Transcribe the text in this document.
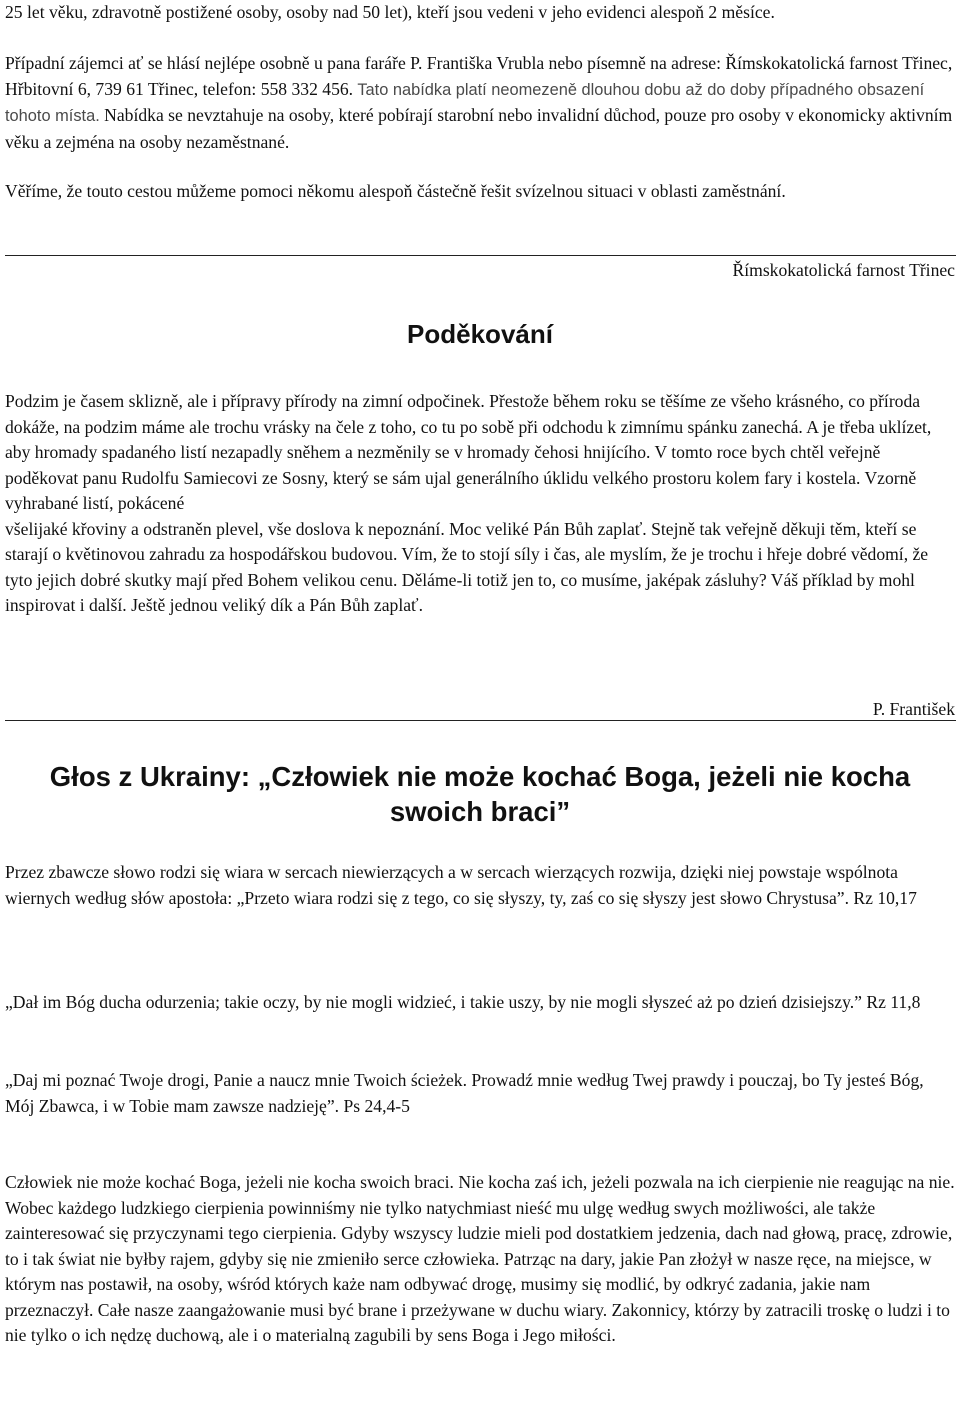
25 let věku, zdravotně postižené osoby, osoby nad 50 let), kteří jsou vedeni v jeho evidenci alespoň 2 měsíce.

Případní zájemci ať se hlásí nejlépe osobně u pana faráře P. Františka Vrubla nebo písemně na adrese: Římskokatolická farnost Třinec, Hřbitovní 6, 739 61 Třinec, telefon: 558 332 456. Tato nabídka platí neomezeně dlouhou dobu až do doby případného obsazení tohoto místa. Nabídka se nevztahuje na osoby, které pobírají starobní nebo invalidní důchod, pouze pro osoby v ekonomicky aktivním věku a zejména na osoby nezaměstnané.

Věříme, že touto cestou můžeme pomoci někomu alespoň částečně řešit svízelnou situaci v oblasti zaměstnání.

Římskokatolická farnost Třinec

Poděkování

Podzim je časem sklizně, ale i přípravy přírody na zimní odpočinek. Přestože během roku se těšíme ze všeho krásného, co příroda dokáže, na podzim máme ale trochu vrásky na čele z toho, co tu po sobě při odchodu k zimnímu spánku zanechá. A je třeba uklízet, aby hromady spadaného listí nezapadly sněhem a nezměnily se v hromady čehosi hnijícího. V tomto roce bych chtěl veřejně poděkovat panu Rudolfu Samiecovi ze Sosny, který se sám ujal generálního úklidu velkého prostoru kolem fary i kostela. Vzorně vyhrabané listí, pokácené
všelijaké křoviny a odstraněn plevel, vše doslova k nepoznání. Moc veliké Pán Bůh zaplať. Stejně tak veřejně děkuji těm, kteří se starají o květinovou zahradu za hospodářskou budovou. Vím, že to stojí síly i čas, ale myslím, že je trochu i hřeje dobré vědomí, že tyto jejich dobré skutky mají před Bohem velikou cenu. Děláme-li totiž jen to, co musíme, jaképak zásluhy? Váš příklad by mohl inspirovat i další. Ještě jednou veliký dík a Pán Bůh zaplať.

P. František

Głos z Ukrainy: „Człowiek nie może kochać Boga, jeżeli nie kocha

swoich braci”

Przez zbawcze słowo rodzi się wiara w sercach niewierzących a w sercach wierzących rozwija, dzięki niej powstaje wspólnota wiernych według słów apostoła: „Przeto wiara rodzi się z tego, co się słyszy, ty, zaś co się słyszy jest słowo Chrystusa”. Rz 10,17

„Dał im Bóg ducha odurzenia; takie oczy, by nie mogli widzieć, i takie uszy, by nie mogli słyszeć aż po dzień dzisiejszy.” Rz 11,8

„Daj mi poznać Twoje drogi, Panie a naucz mnie Twoich ścieżek. Prowadź mnie według Twej prawdy i pouczaj, bo Ty jesteś Bóg, Mój Zbawca, i w Tobie mam zawsze nadzieję”. Ps 24,4-5

Człowiek nie może kochać Boga, jeżeli nie kocha swoich braci. Nie kocha zaś ich, jeżeli pozwala na ich cierpienie nie reagując na nie. Wobec każdego ludzkiego cierpienia powinniśmy nie tylko natychmiast nieść mu ulgę według swych możliwości, ale także zainteresować się przyczynami tego cierpienia. Gdyby wszyscy ludzie mieli pod dostatkiem jedzenia, dach nad głową, pracę, zdrowie, to i tak świat nie byłby rajem, gdyby się nie zmieniło serce człowieka. Patrząc na dary, jakie Pan złożył w nasze ręce, na miejsce, w którym nas postawił, na osoby, wśród których każe nam odbywać drogę, musimy się modlić, by odkryć zadania, jakie nam przeznaczył. Całe nasze zaangażowanie musi być brane i przeżywane w duchu wiary. Zakonnicy, którzy by zatracili troskę o ludzi i to nie tylko o ich nędzę duchową, ale i o materialną zagubili by sens Boga i Jego miłości.
